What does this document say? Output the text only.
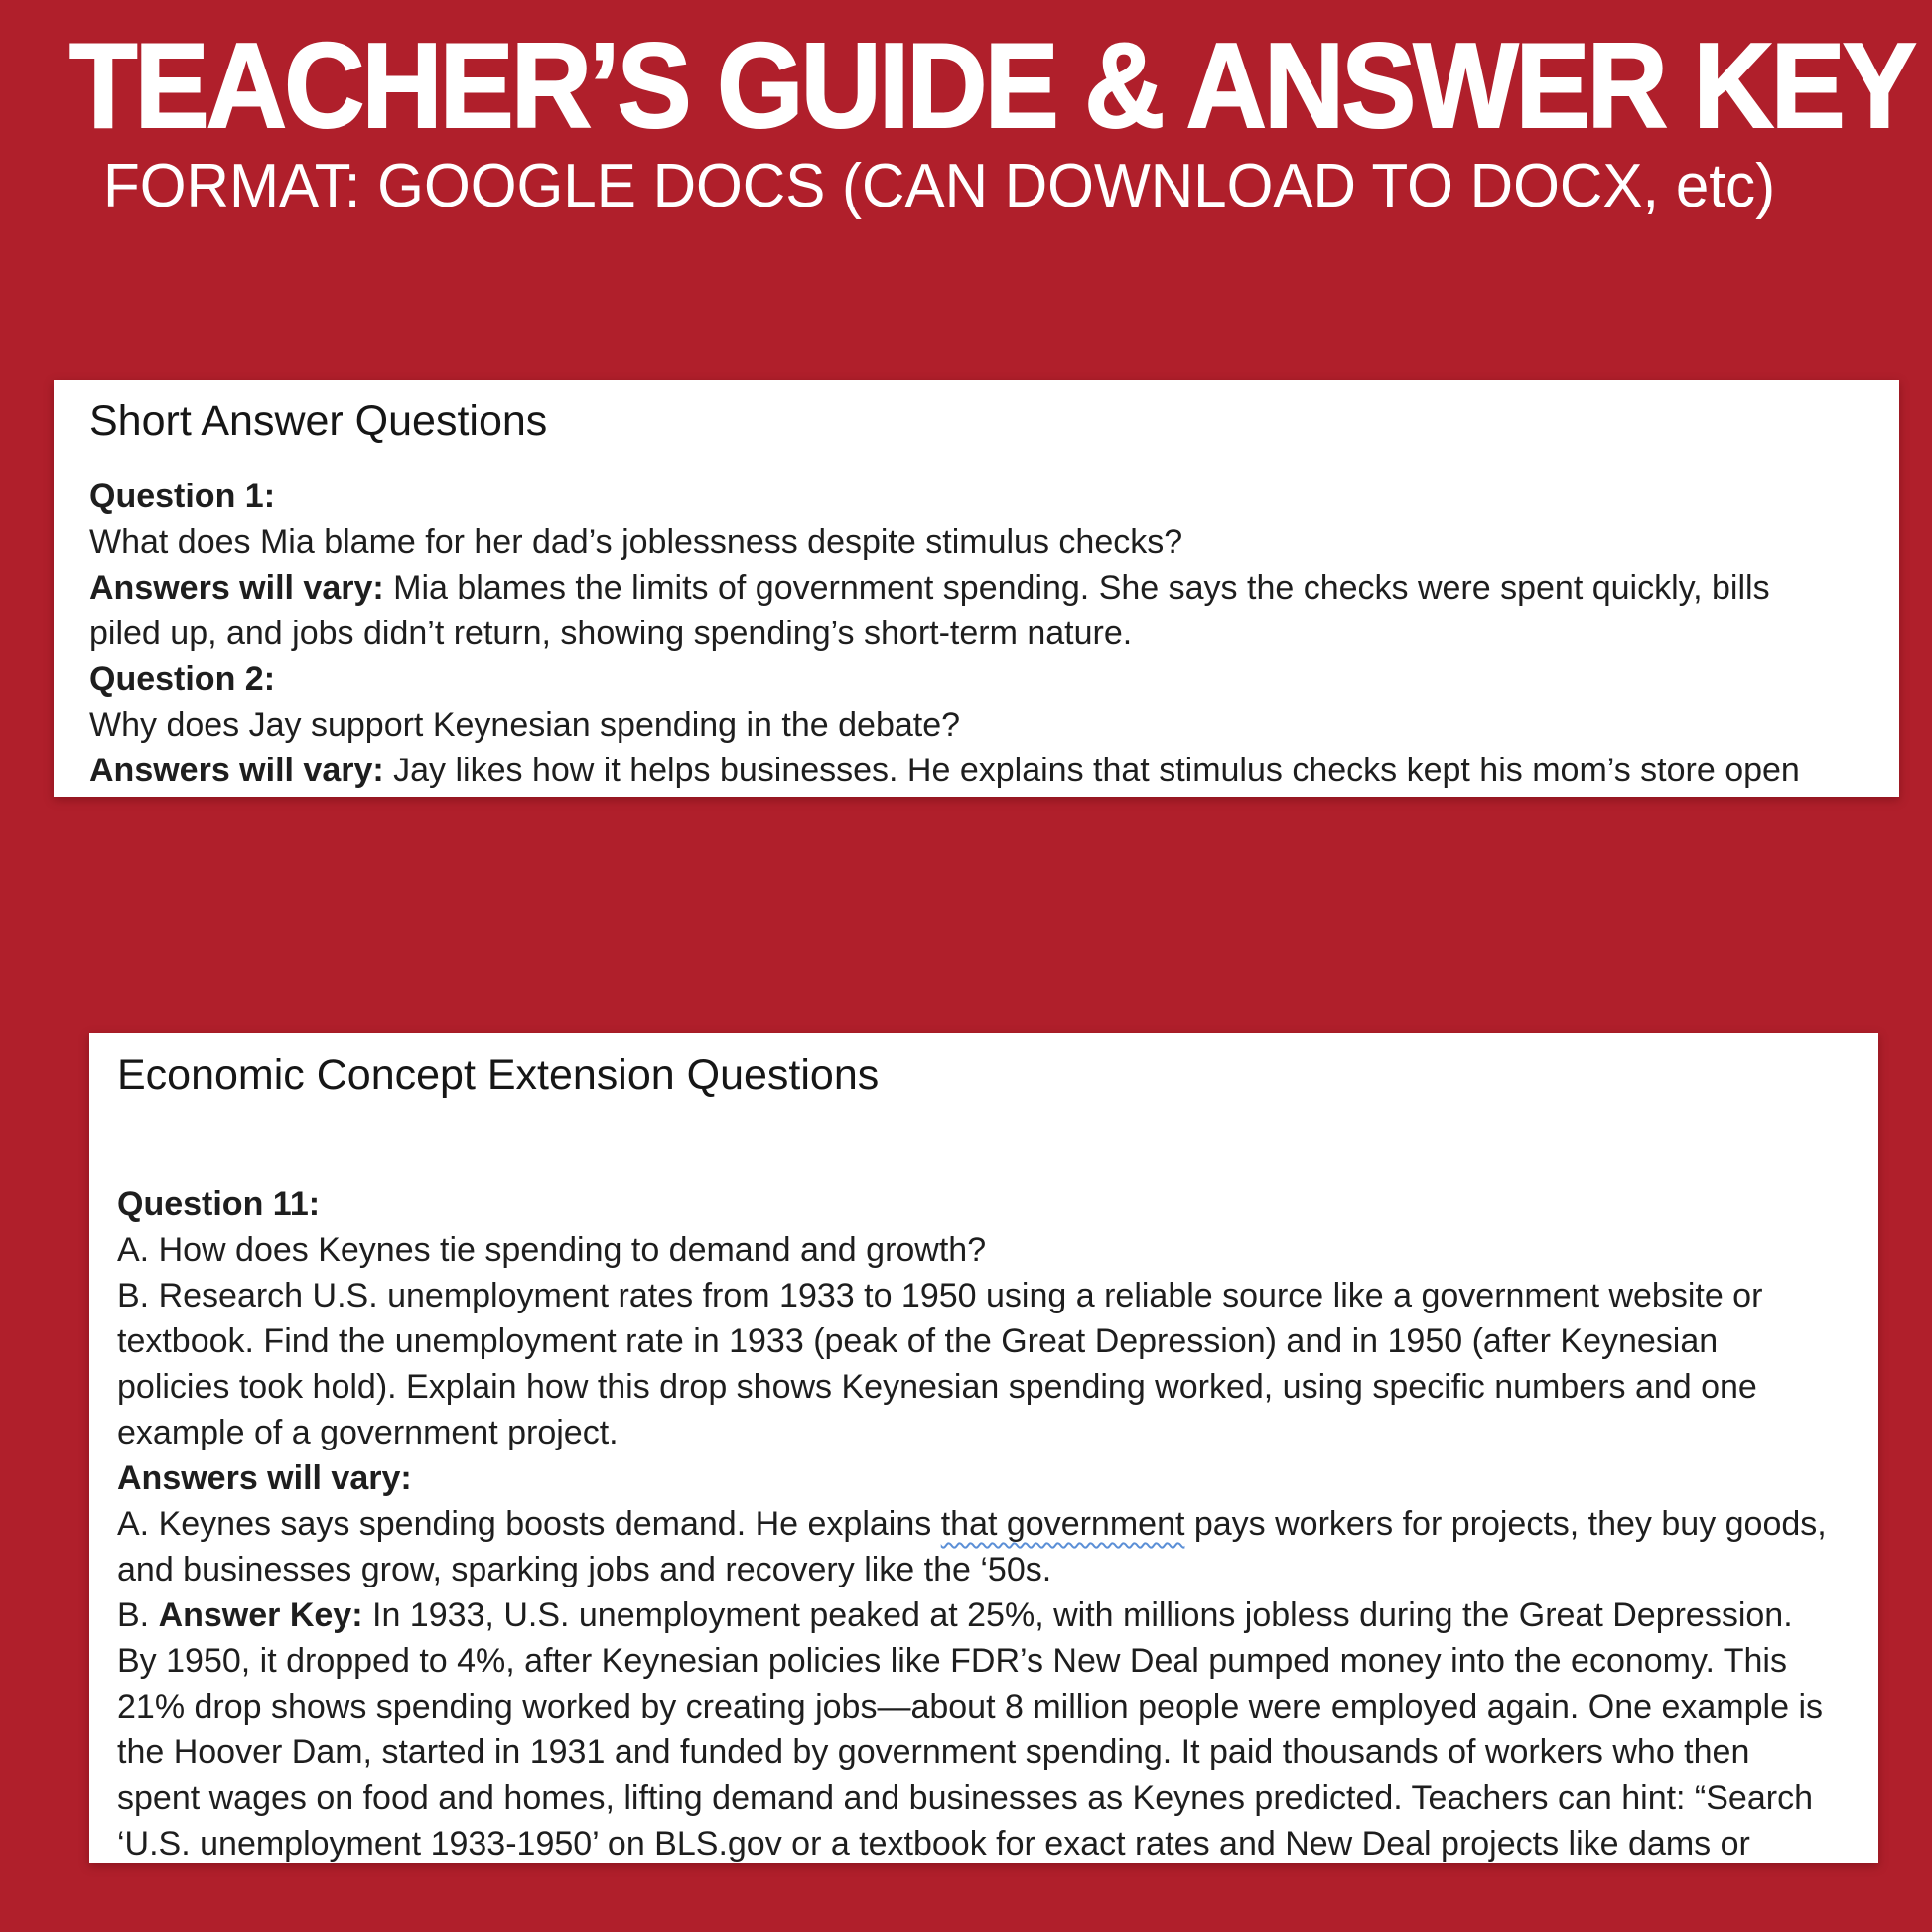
TEACHER’S GUIDE & ANSWER KEY
FORMAT: GOOGLE DOCS (CAN DOWNLOAD TO DOCX, etc)
Short Answer Questions
Question 1:
What does Mia blame for her dad’s joblessness despite stimulus checks?
Answers will vary: Mia blames the limits of government spending. She says the checks were spent quickly, bills
piled up, and jobs didn’t return, showing spending’s short-term nature.
Question 2:
Why does Jay support Keynesian spending in the debate?
Answers will vary: Jay likes how it helps businesses. He explains that stimulus checks kept his mom’s store open
Economic Concept Extension Questions
Question 11:
A. How does Keynes tie spending to demand and growth?
B. Research U.S. unemployment rates from 1933 to 1950 using a reliable source like a government website or
textbook. Find the unemployment rate in 1933 (peak of the Great Depression) and in 1950 (after Keynesian
policies took hold). Explain how this drop shows Keynesian spending worked, using specific numbers and one
example of a government project.
Answers will vary:
A. Keynes says spending boosts demand. He explains that government pays workers for projects, they buy goods,
and businesses grow, sparking jobs and recovery like the ‘50s.
B. Answer Key: In 1933, U.S. unemployment peaked at 25%, with millions jobless during the Great Depression.
By 1950, it dropped to 4%, after Keynesian policies like FDR’s New Deal pumped money into the economy. This
21% drop shows spending worked by creating jobs—about 8 million people were employed again. One example is
the Hoover Dam, started in 1931 and funded by government spending. It paid thousands of workers who then
spent wages on food and homes, lifting demand and businesses as Keynes predicted. Teachers can hint: “Search
‘U.S. unemployment 1933-1950’ on BLS.gov or a textbook for exact rates and New Deal projects like dams or
